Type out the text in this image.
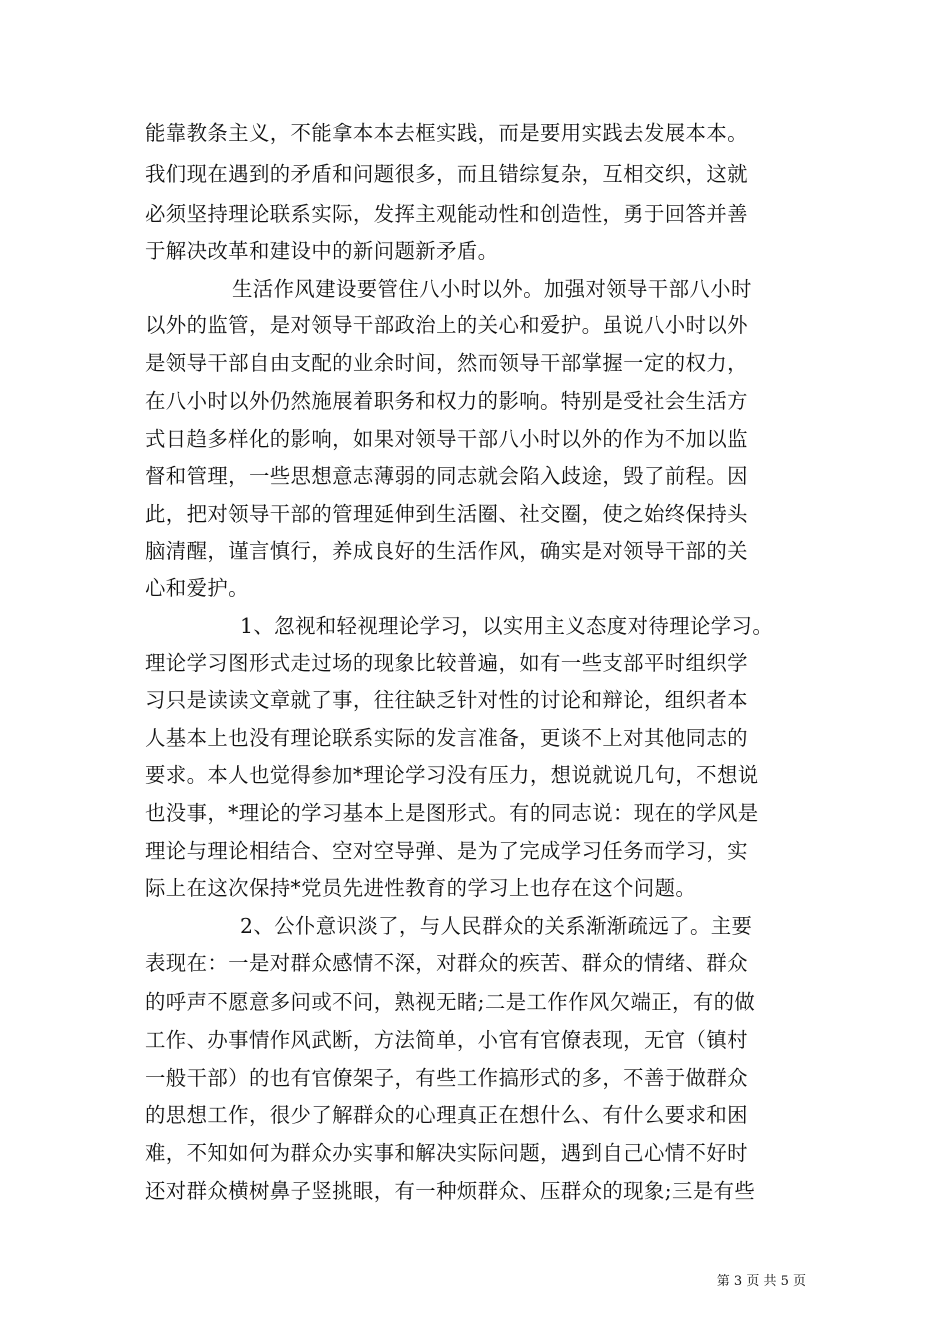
能靠教条主义，不能拿本本去框实践，而是要用实践去发展本本。
我们现在遇到的矛盾和问题很多，而且错综复杂，互相交织，这就
必须坚持理论联系实际，发挥主观能动性和创造性，勇于回答并善
于解决改革和建设中的新问题新矛盾。
生活作风建设要管住八小时以外。加强对领导干部八小时
以外的监管，是对领导干部政治上的关心和爱护。虽说八小时以外
是领导干部自由支配的业余时间，然而领导干部掌握一定的权力，
在八小时以外仍然施展着职务和权力的影响。特别是受社会生活方
式日趋多样化的影响，如果对领导干部八小时以外的作为不加以监
督和管理，一些思想意志薄弱的同志就会陷入歧途，毁了前程。因
此，把对领导干部的管理延伸到生活圈、社交圈，使之始终保持头
脑清醒，谨言慎行，养成良好的生活作风，确实是对领导干部的关
心和爱护。
1、忽视和轻视理论学习，以实用主义态度对待理论学习。
理论学习图形式走过场的现象比较普遍，如有一些支部平时组织学
习只是读读文章就了事，往往缺乏针对性的讨论和辩论，组织者本
人基本上也没有理论联系实际的发言准备，更谈不上对其他同志的
要求。本人也觉得参加*理论学习没有压力，想说就说几句，不想说
也没事，*理论的学习基本上是图形式。有的同志说：现在的学风是
理论与理论相结合、空对空导弹、是为了完成学习任务而学习，实
际上在这次保持*党员先进性教育的学习上也存在这个问题。
2、公仆意识淡了，与人民群众的关系渐渐疏远了。主要
表现在：一是对群众感情不深，对群众的疾苦、群众的情绪、群众
的呼声不愿意多问或不问，熟视无睹;二是工作作风欠端正，有的做
工作、办事情作风武断，方法简单，小官有官僚表现，无官（镇村
一般干部）的也有官僚架子，有些工作搞形式的多，不善于做群众
的思想工作，很少了解群众的心理真正在想什么、有什么要求和困
难，不知如何为群众办实事和解决实际问题，遇到自己心情不好时
还对群众横树鼻子竖挑眼，有一种烦群众、压群众的现象;三是有些
第 3 页 共 5 页
